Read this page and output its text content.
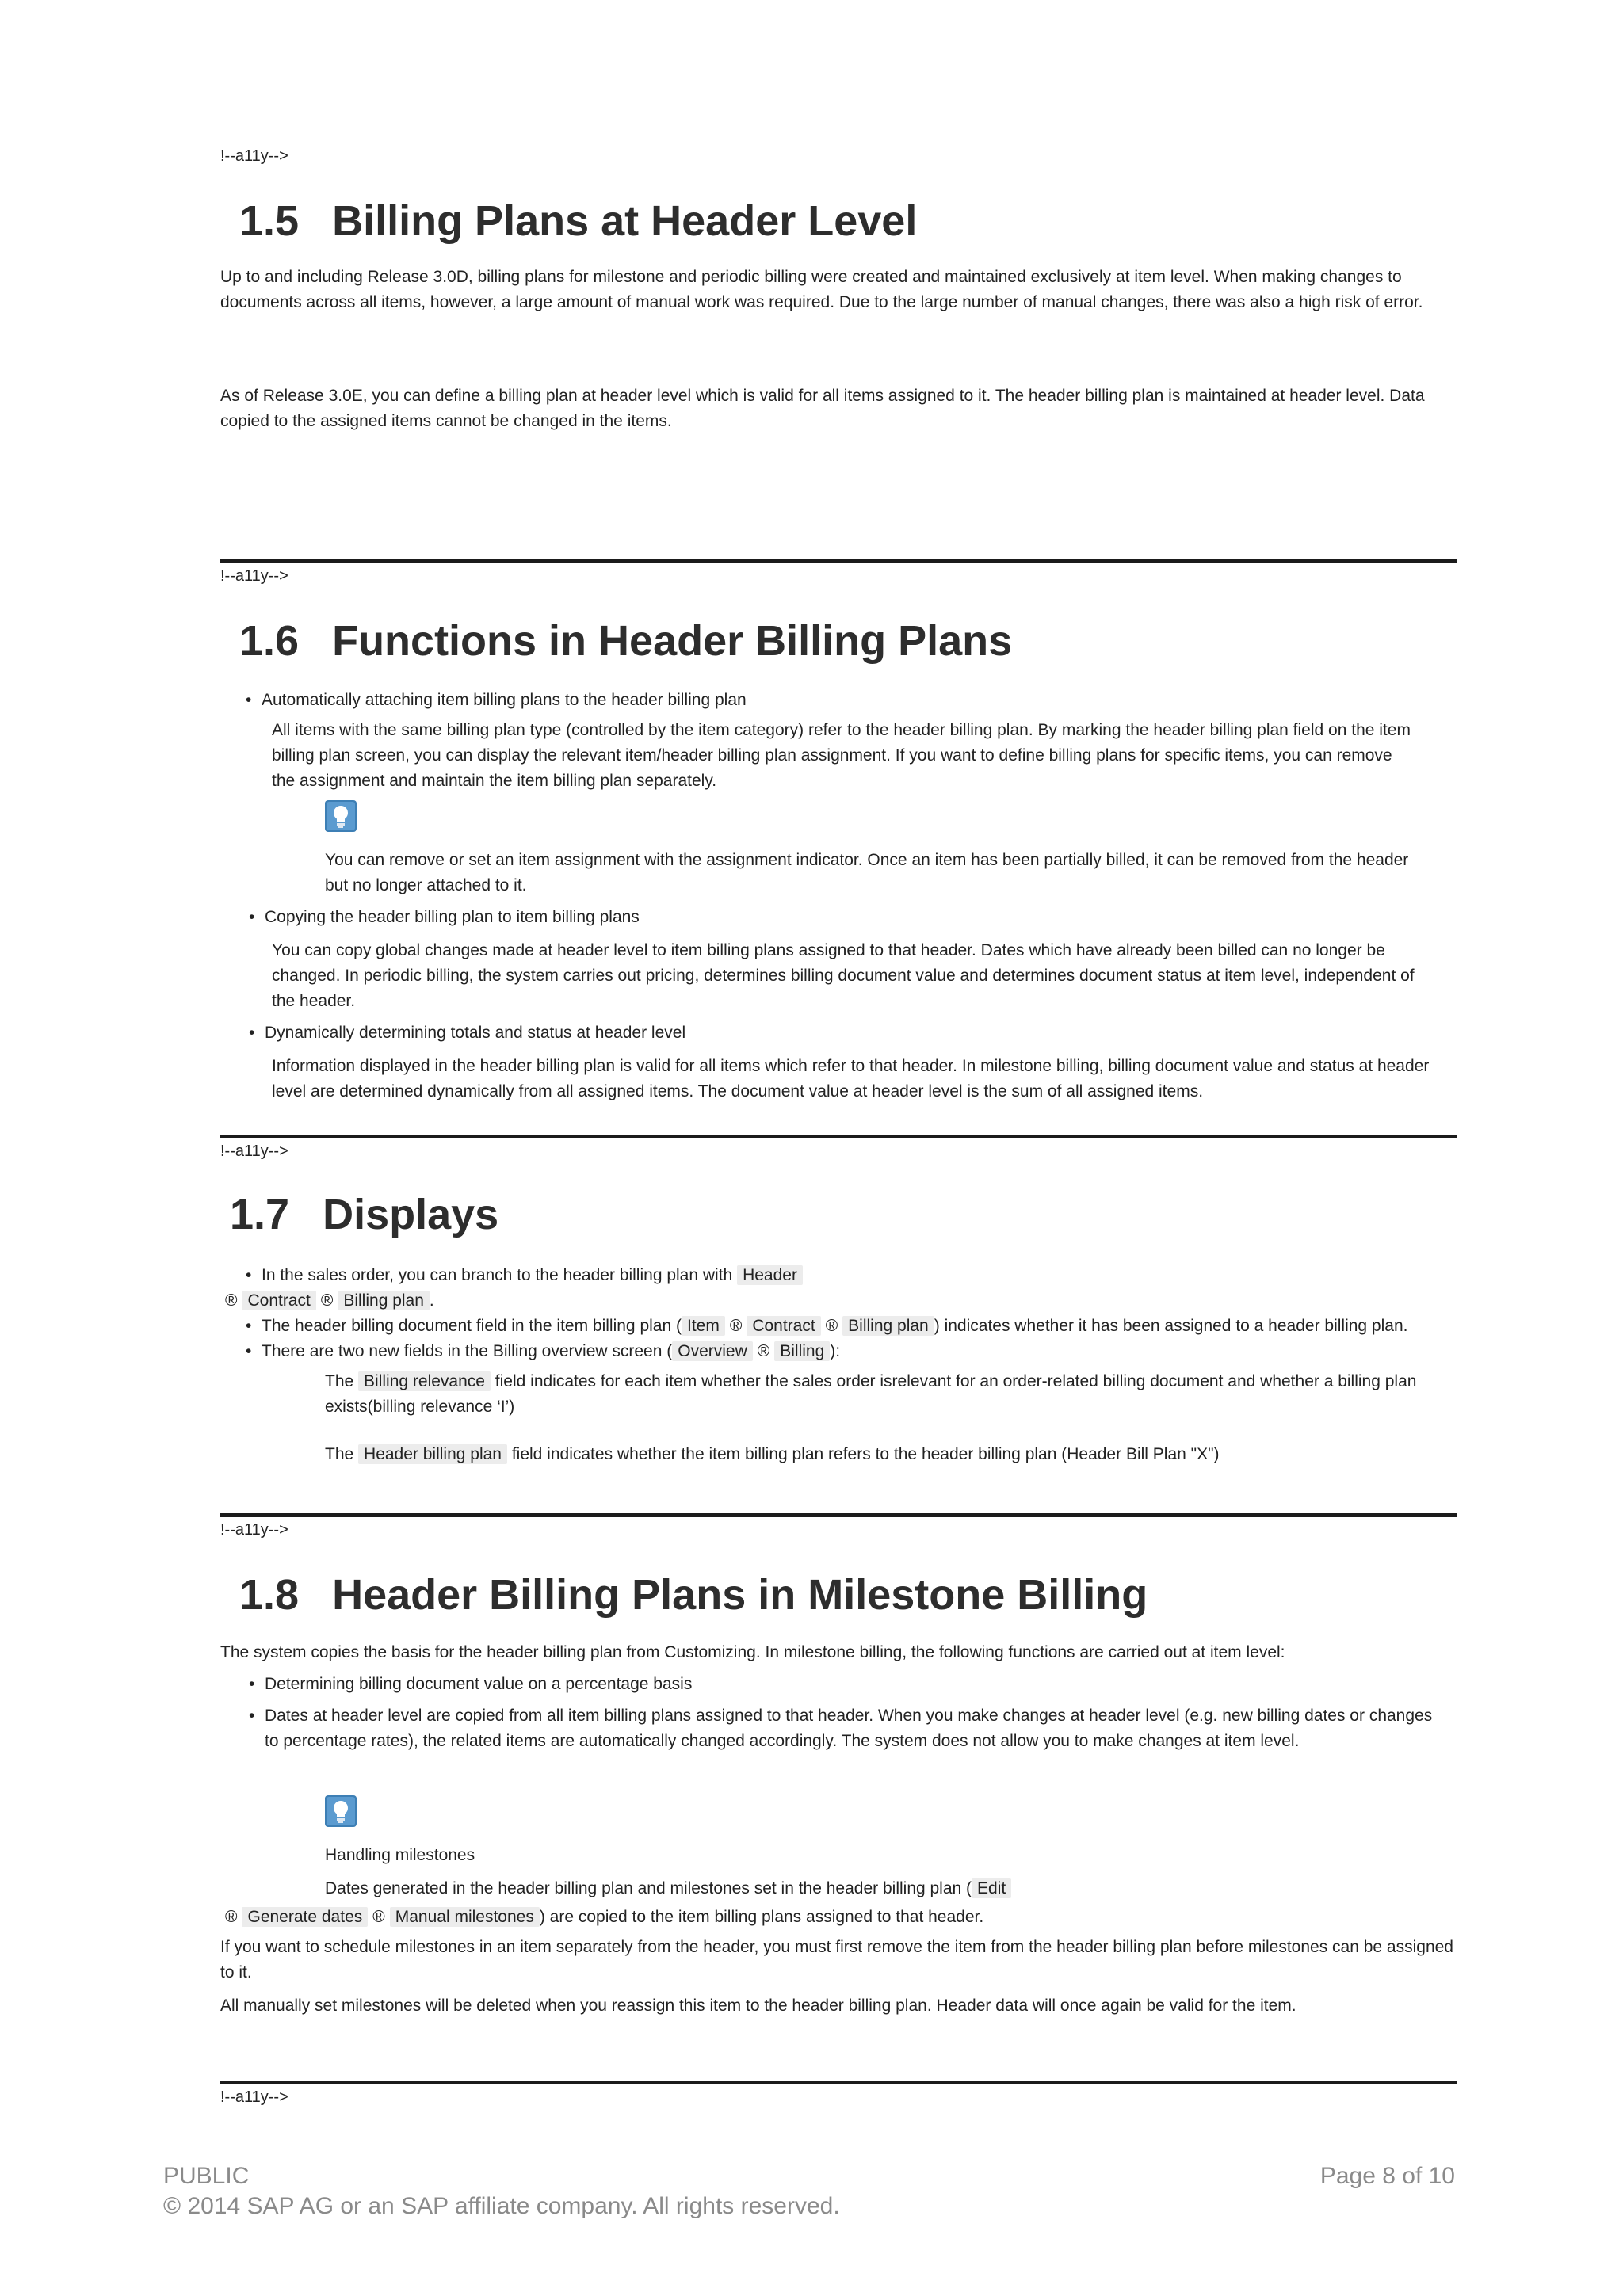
!--a11y-->
1.5 Billing Plans at Header Level
Up to and including Release 3.0D, billing plans for milestone and periodic billing were created and maintained exclusively at item level. When making changes to documents across all items, however, a large amount of manual work was required. Due to the large number of manual changes, there was also a high risk of error.
As of Release 3.0E, you can define a billing plan at header level which is valid for all items assigned to it. The header billing plan is maintained at header level. Data copied to the assigned items cannot be changed in the items.
!--a11y-->
1.6 Functions in Header Billing Plans
• Automatically attaching item billing plans to the header billing plan
All items with the same billing plan type (controlled by the item category) refer to the header billing plan. By marking the header billing plan field on the item billing plan screen, you can display the relevant item/header billing plan assignment. If you want to define billing plans for specific items, you can remove the assignment and maintain the item billing plan separately.
You can remove or set an item assignment with the assignment indicator. Once an item has been partially billed, it can be removed from the header but no longer attached to it.
• Copying the header billing plan to item billing plans
You can copy global changes made at header level to item billing plans assigned to that header. Dates which have already been billed can no longer be changed. In periodic billing, the system carries out pricing, determines billing document value and determines document status at item level, independent of the header.
• Dynamically determining totals and status at header level
Information displayed in the header billing plan is valid for all items which refer to that header. In milestone billing, billing document value and status at header level are determined dynamically from all assigned items. The document value at header level is the sum of all assigned items.
!--a11y-->
1.7 Displays
• In the sales order, you can branch to the header billing plan with Header
® Contract ® Billing plan .
• The header billing document field in the item billing plan ( Item ® Contract ® Billing plan ) indicates whether it has been assigned to a header billing plan.
• There are two new fields in the Billing overview screen ( Overview ® Billing ):
The Billing relevance field indicates for each item whether the sales order isrelevant for an order-related billing document and whether a billing plan
exists(billing relevance ‘I’)
The Header billing plan field indicates whether the item billing plan refers to the header billing plan (Header Bill Plan "X")
!--a11y-->
1.8 Header Billing Plans in Milestone Billing
The system copies the basis for the header billing plan from Customizing. In milestone billing, the following functions are carried out at item level:
• Determining billing document value on a percentage basis
• Dates at header level are copied from all item billing plans assigned to that header. When you make changes at header level (e.g. new billing dates or changes to percentage rates), the related items are automatically changed accordingly. The system does not allow you to make changes at item level.
Handling milestones
Dates generated in the header billing plan and milestones set in the header billing plan ( Edit
® Generate dates ® Manual milestones ) are copied to the item billing plans assigned to that header.
If you want to schedule milestones in an item separately from the header, you must first remove the item from the header billing plan before milestones can be assigned to it.
All manually set milestones will be deleted when you reassign this item to the header billing plan. Header data will once again be valid for the item.
!--a11y-->
PUBLIC
© 2014 SAP AG or an SAP affiliate company. All rights reserved.
Page 8 of 10
